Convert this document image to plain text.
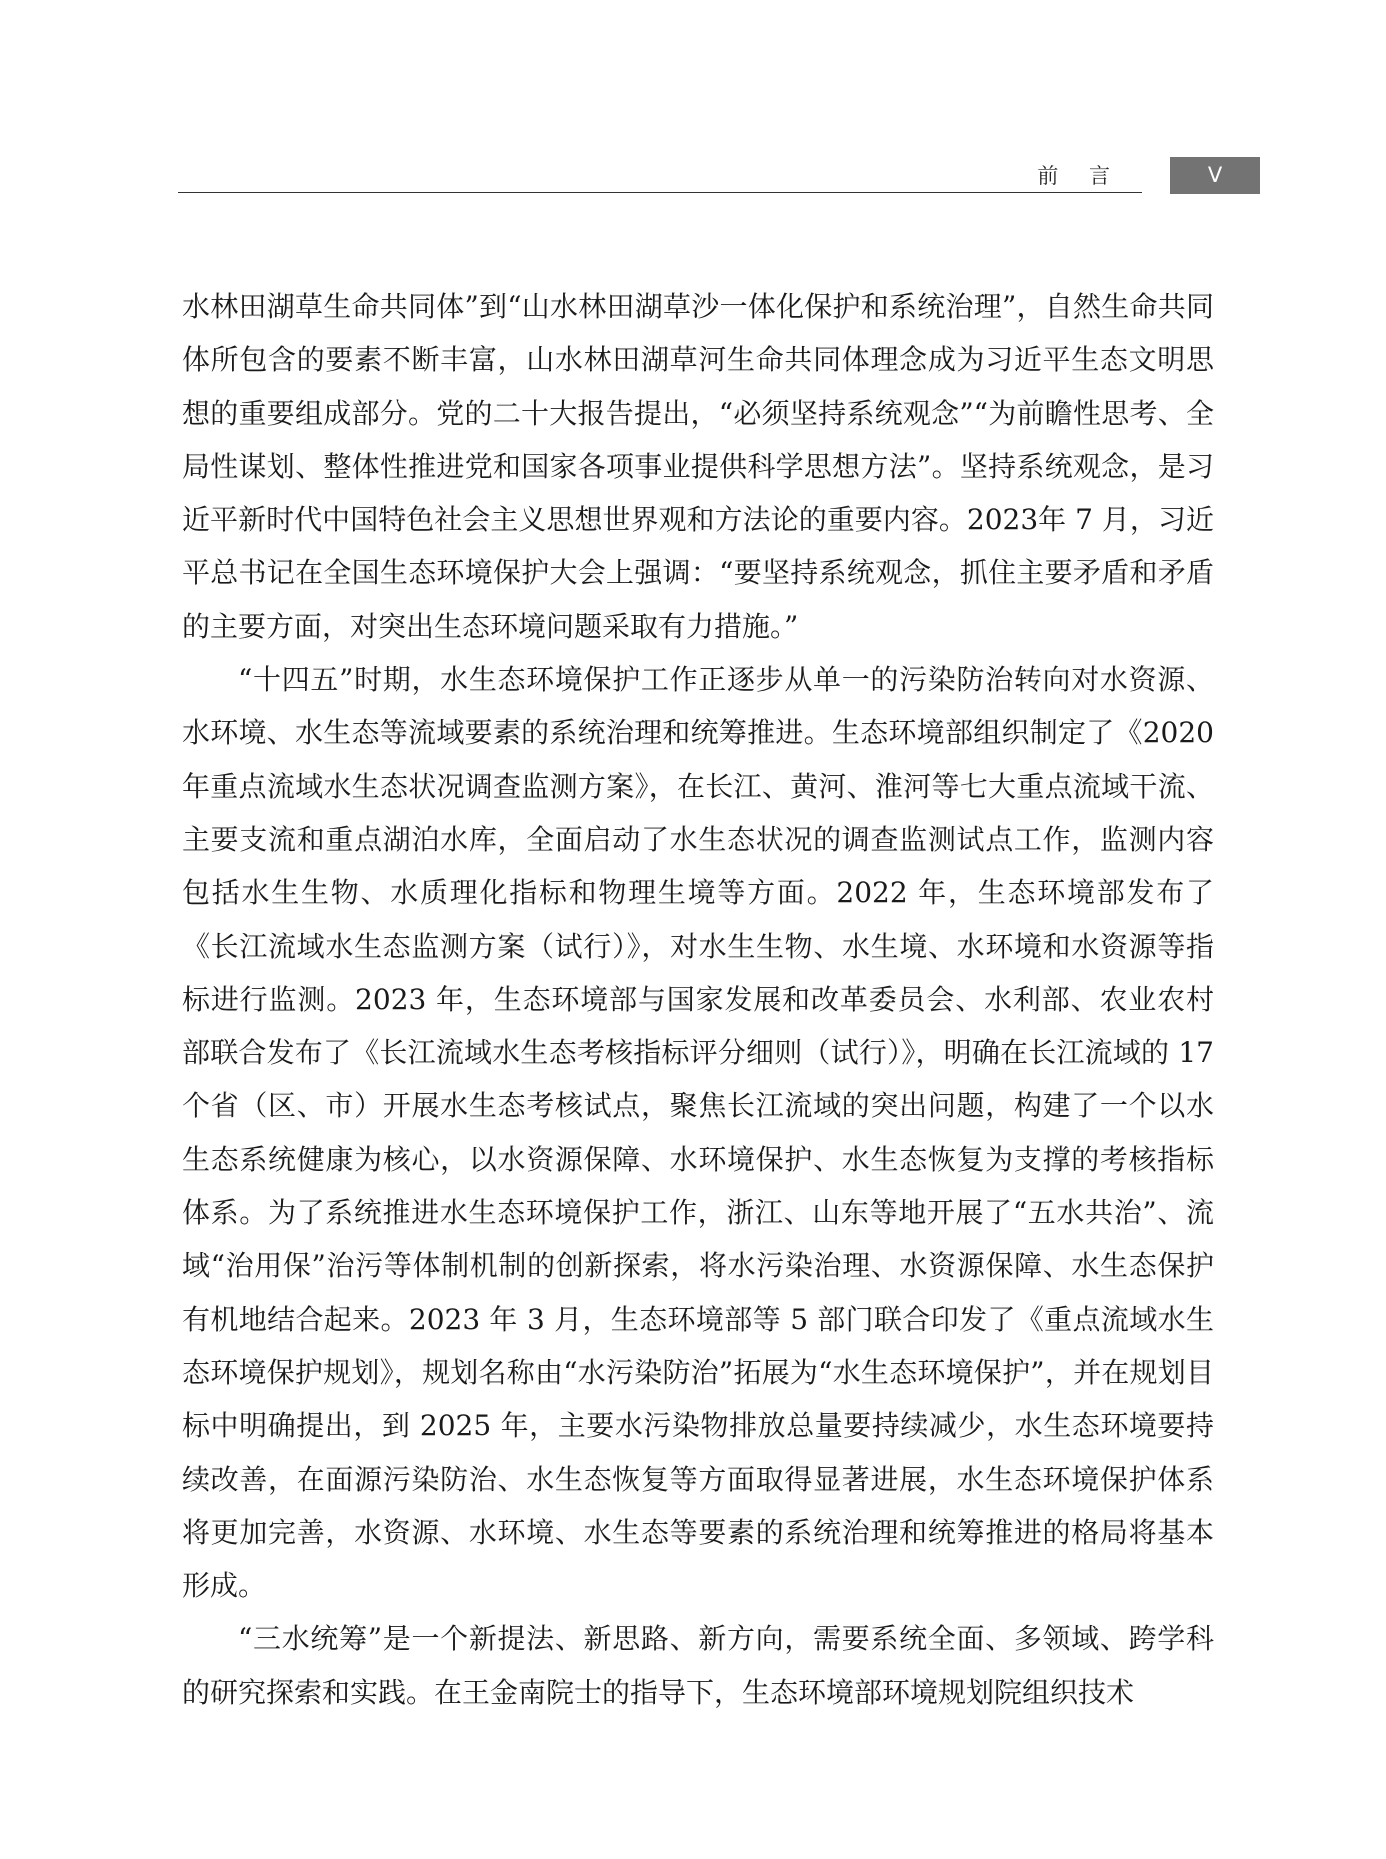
前 言	V

水林田湖草生命共同体”到“山水林田湖草沙一体化保护和系统治理”，自然生命共同体所包含的要素不断丰富，山水林田湖草河生命共同体理念成为习近平生态文明思想的重要组成部分。党的二十大报告提出，“必须坚持系统观念”“为前瞻性思考、全局性谋划、整体性推进党和国家各项事业提供科学思想方法”。坚持系统观念，是习近平新时代中国特色社会主义思想世界观和方法论的重要内容。2023年 7 月，习近平总书记在全国生态环境保护大会上强调：“要坚持系统观念，抓住主要矛盾和矛盾的主要方面，对突出生态环境问题采取有力措施。”

“十四五”时期，水生态环境保护工作正逐步从单一的污染防治转向对水资源、水环境、水生态等流域要素的系统治理和统筹推进。生态环境部组织制定了《2020 年重点流域水生态状况调查监测方案》，在长江、黄河、淮河等七大重点流域干流、主要支流和重点湖泊水库，全面启动了水生态状况的调查监测试点工作，监测内容包括水生生物、水质理化指标和物理生境等方面。2022 年，生态环境部发布了《长江流域水生态监测方案（试行）》，对水生生物、水生境、水环境和水资源等指标进行监测。2023 年，生态环境部与国家发展和改革委员会、水利部、农业农村部联合发布了《长江流域水生态考核指标评分细则（试行）》，明确在长江流域的 17 个省（区、市）开展水生态考核试点，聚焦长江流域的突出问题，构建了一个以水生态系统健康为核心，以水资源保障、水环境保护、水生态恢复为支撑的考核指标体系。为了系统推进水生态环境保护工作，浙江、山东等地开展了“五水共治”、流域“治用保”治污等体制机制的创新探索，将水污染治理、水资源保障、水生态保护有机地结合起来。2023 年 3 月，生态环境部等 5 部门联合印发了《重点流域水生态环境保护规划》，规划名称由“水污染防治”拓展为“水生态环境保护”，并在规划目标中明确提出，到 2025 年，主要水污染物排放总量要持续减少，水生态环境要持续改善，在面源污染防治、水生态恢复等方面取得显著进展，水生态环境保护体系将更加完善，水资源、水环境、水生态等要素的系统治理和统筹推进的格局将基本形成。

“三水统筹”是一个新提法、新思路、新方向，需要系统全面、多领域、跨学科的研究探索和实践。在王金南院士的指导下，生态环境部环境规划院组织技术
